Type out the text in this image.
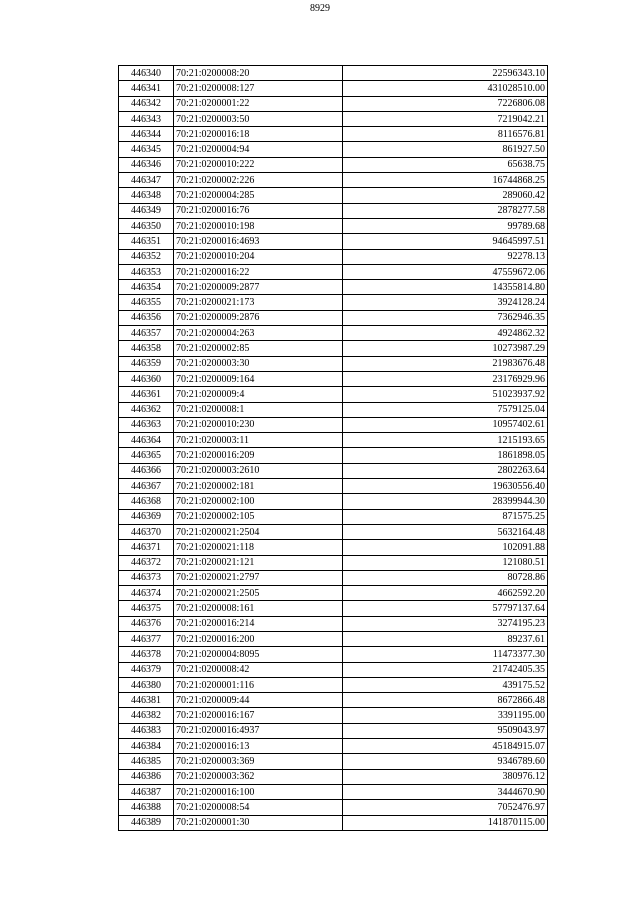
8929
446340	70:21:0200008:20	22596343.10
446341	70:21:0200008:127	431028510.00
446342	70:21:0200001:22	7226806.08
446343	70:21:0200003:50	7219042.21
446344	70:21:0200016:18	8116576.81
446345	70:21:0200004:94	861927.50
446346	70:21:0200010:222	65638.75
446347	70:21:0200002:226	16744868.25
446348	70:21:0200004:285	289060.42
446349	70:21:0200016:76	2878277.58
446350	70:21:0200010:198	99789.68
446351	70:21:0200016:4693	94645997.51
446352	70:21:0200010:204	92278.13
446353	70:21:0200016:22	47559672.06
446354	70:21:0200009:2877	14355814.80
446355	70:21:0200021:173	3924128.24
446356	70:21:0200009:2876	7362946.35
446357	70:21:0200004:263	4924862.32
446358	70:21:0200002:85	10273987.29
446359	70:21:0200003:30	21983676.48
446360	70:21:0200009:164	23176929.96
446361	70:21:0200009:4	51023937.92
446362	70:21:0200008:1	7579125.04
446363	70:21:0200010:230	10957402.61
446364	70:21:0200003:11	1215193.65
446365	70:21:0200016:209	1861898.05
446366	70:21:0200003:2610	2802263.64
446367	70:21:0200002:181	19630556.40
446368	70:21:0200002:100	28399944.30
446369	70:21:0200002:105	871575.25
446370	70:21:0200021:2504	5632164.48
446371	70:21:0200021:118	102091.88
446372	70:21:0200021:121	121080.51
446373	70:21:0200021:2797	80728.86
446374	70:21:0200021:2505	4662592.20
446375	70:21:0200008:161	57797137.64
446376	70:21:0200016:214	3274195.23
446377	70:21:0200016:200	89237.61
446378	70:21:0200004:8095	11473377.30
446379	70:21:0200008:42	21742405.35
446380	70:21:0200001:116	439175.52
446381	70:21:0200009:44	8672866.48
446382	70:21:0200016:167	3391195.00
446383	70:21:0200016:4937	9509043.97
446384	70:21:0200016:13	45184915.07
446385	70:21:0200003:369	9346789.60
446386	70:21:0200003:362	380976.12
446387	70:21:0200016:100	3444670.90
446388	70:21:0200008:54	7052476.97
446389	70:21:0200001:30	141870115.00
